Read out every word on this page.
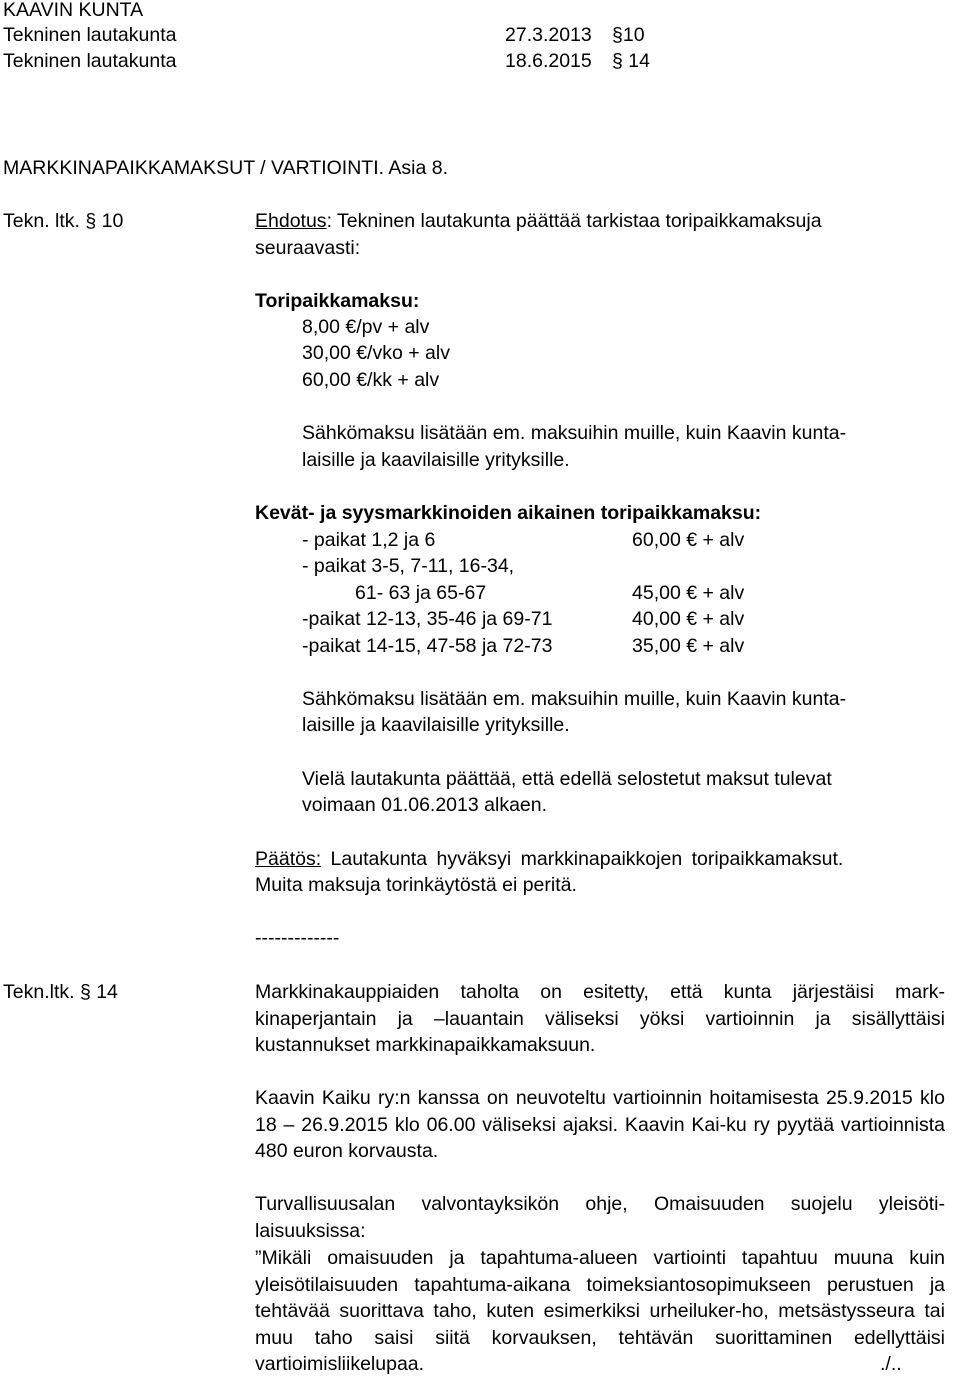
KAAVIN KUNTA
Tekninen lautakunta	27.3.2013 §10
Tekninen lautakunta	18.6.2015 § 14
MARKKINAPAIKKAMAKSUT / VARTIOINTI. Asia 8.
Tekn. ltk. § 10	Ehdotus: Tekninen lautakunta päättää tarkistaa toripaikkamaksuja
seuraavasti:
Toripaikkamaksu:
8,00 €/pv + alv
30,00 €/vko + alv
60,00 €/kk + alv
Sähkömaksu lisätään em. maksuihin muille, kuin Kaavin kunta-
laisille ja kaavilaisille yrityksille.
Kevät- ja syysmarkkinoiden aikainen toripaikkamaksu:
- paikat 1,2 ja 6	60,00 € + alv
- paikat 3-5, 7-11, 16-34,
61- 63 ja 65-67	45,00 € + alv
-paikat 12-13, 35-46 ja 69-71	40,00 € + alv
-paikat 14-15, 47-58 ja 72-73	35,00 € + alv
Sähkömaksu lisätään em. maksuihin muille, kuin Kaavin kunta-
laisille ja kaavilaisille yrityksille.
Vielä lautakunta päättää, että edellä selostetut maksut tulevat
voimaan 01.06.2013 alkaen.
Päätös: Lautakunta hyväksyi markkinapaikkojen toripaikkamaksut.
Muita maksuja torinkäytöstä ei peritä.
-------------
Tekn.ltk. § 14	Markkinakauppiaiden taholta on esitetty, että kunta järjestäisi mark-kinaperjantain ja –lauantain väliseksi yöksi vartioinnin ja sisällyttäisi kustannukset markkinapaikkamaksuun.
Kaavin Kaiku ry:n kanssa on neuvoteltu vartioinnin hoitamisesta 25.9.2015 klo 18 – 26.9.2015 klo 06.00 väliseksi ajaksi. Kaavin Kai-ku ry pyytää vartioinnista 480 euron korvausta.
Turvallisuusalan valvontayksikön ohje, Omaisuuden suojelu yleisöti-laisuuksissa:
”Mikäli omaisuuden ja tapahtuma-alueen vartiointi tapahtuu muuna kuin yleisötilaisuuden tapahtuma-aikana toimeksiantosopimukseen perustuen ja tehtävää suorittava taho, kuten esimerkiksi urheiluker-ho, metsästysseura tai muu taho saisi siitä korvauksen, tehtävän suorittaminen edellyttäisi vartioimisliikelupaa.	./..
